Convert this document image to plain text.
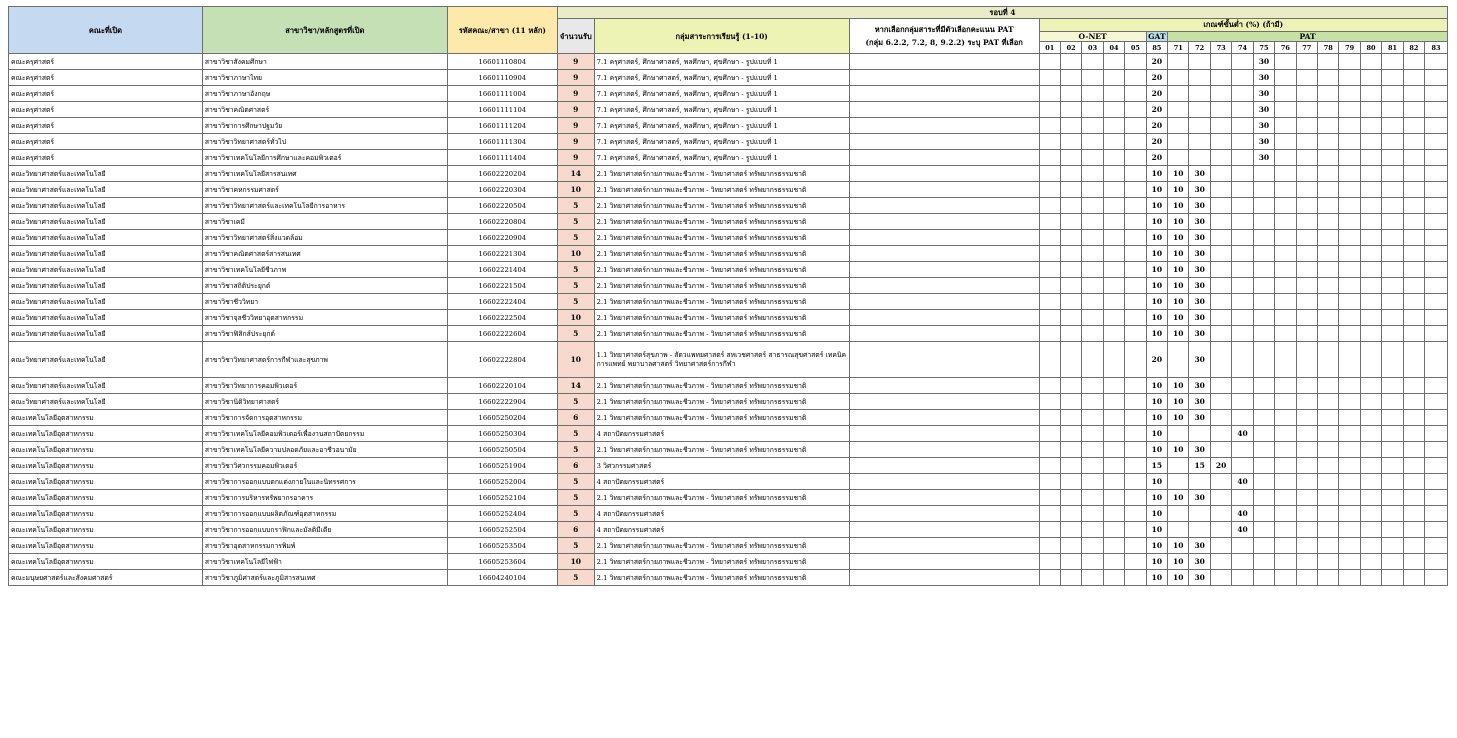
คณะที่เปิด	สาขาวิชา/หลักสูตรที่เปิด	รหัสคณะ/สาขา (11 หลัก)	รอบที่ 4																					
			จำนวนรับ	กลุ่มสาระการเรียนรู้ (1-10)	หากเลือกกลุ่มสาระที่มีตัวเลือกคะแนน PAT
(กลุ่ม 6.2.2, 7.2, 8, 9.2.2) ระบุ PAT ที่เลือก	เกณฑ์ขั้นต่ำ (%) (ถ้ามี)																		
						O-NET					GAT	PAT												
						01	02	03	04	05	85	71	72	73	74	75	76	77	78	79	80	81	82	83
คณะครุศาสตร์	สาขาวิชาสังคมศึกษา	16601110804	9	7.1 ครุศาสตร์, ศึกษาศาสตร์, พลศึกษา, ศุขศึกษา - รูปแบบที่ 1							20					30								
คณะครุศาสตร์	สาขาวิชาภาษาไทย	16601110904	9	7.1 ครุศาสตร์, ศึกษาศาสตร์, พลศึกษา, ศุขศึกษา - รูปแบบที่ 1							20					30								
คณะครุศาสตร์	สาขาวิชาภาษาอังกฤษ	16601111004	9	7.1 ครุศาสตร์, ศึกษาศาสตร์, พลศึกษา, ศุขศึกษา - รูปแบบที่ 1							20					30								
คณะครุศาสตร์	สาขาวิชาคณิตศาสตร์	16601111104	9	7.1 ครุศาสตร์, ศึกษาศาสตร์, พลศึกษา, ศุขศึกษา - รูปแบบที่ 1							20					30								
คณะครุศาสตร์	สาขาวิชาการศึกษาปฐมวัย	16601111204	9	7.1 ครุศาสตร์, ศึกษาศาสตร์, พลศึกษา, ศุขศึกษา - รูปแบบที่ 1							20					30								
คณะครุศาสตร์	สาขาวิชาวิทยาศาสตร์ทั่วไป	16601111304	9	7.1 ครุศาสตร์, ศึกษาศาสตร์, พลศึกษา, ศุขศึกษา - รูปแบบที่ 1							20					30								
คณะครุศาสตร์	สาขาวิชาเทคโนโลยีการศึกษาและคอมพิวเตอร์	16601111404	9	7.1 ครุศาสตร์, ศึกษาศาสตร์, พลศึกษา, ศุขศึกษา - รูปแบบที่ 1							20					30								
คณะวิทยาศาสตร์และเทคโนโลยี	สาขาวิชาเทคโนโลยีสารสนเทศ	16602220204	14	2.1 วิทยาศาสตร์กายภาพและชีวภาพ - วิทยาศาสตร์ ทรัพยากรธรรมชาติ							10	10	30											
คณะวิทยาศาสตร์และเทคโนโลยี	สาขาวิชาคหกรรมศาสตร์	16602220304	10	2.1 วิทยาศาสตร์กายภาพและชีวภาพ - วิทยาศาสตร์ ทรัพยากรธรรมชาติ							10	10	30											
คณะวิทยาศาสตร์และเทคโนโลยี	สาขาวิชาวิทยาศาสตร์และเทคโนโลยีการอาหาร	16602220504	5	2.1 วิทยาศาสตร์กายภาพและชีวภาพ - วิทยาศาสตร์ ทรัพยากรธรรมชาติ							10	10	30											
คณะวิทยาศาสตร์และเทคโนโลยี	สาขาวิชาเคมี	16602220804	5	2.1 วิทยาศาสตร์กายภาพและชีวภาพ - วิทยาศาสตร์ ทรัพยากรธรรมชาติ							10	10	30											
คณะวิทยาศาสตร์และเทคโนโลยี	สาขาวิชาวิทยาศาสตร์สิ่งแวดล้อม	16602220904	5	2.1 วิทยาศาสตร์กายภาพและชีวภาพ - วิทยาศาสตร์ ทรัพยากรธรรมชาติ							10	10	30											
คณะวิทยาศาสตร์และเทคโนโลยี	สาขาวิชาคณิตศาสตร์สารสนเทศ	16602221304	10	2.1 วิทยาศาสตร์กายภาพและชีวภาพ - วิทยาศาสตร์ ทรัพยากรธรรมชาติ							10	10	30											
คณะวิทยาศาสตร์และเทคโนโลยี	สาขาวิชาเทคโนโลยีชีวภาพ	16602221404	5	2.1 วิทยาศาสตร์กายภาพและชีวภาพ - วิทยาศาสตร์ ทรัพยากรธรรมชาติ							10	10	30											
คณะวิทยาศาสตร์และเทคโนโลยี	สาขาวิชาสถิติประยุกต์	16602221504	5	2.1 วิทยาศาสตร์กายภาพและชีวภาพ - วิทยาศาสตร์ ทรัพยากรธรรมชาติ							10	10	30											
คณะวิทยาศาสตร์และเทคโนโลยี	สาขาวิชาชีววิทยา	16602222404	5	2.1 วิทยาศาสตร์กายภาพและชีวภาพ - วิทยาศาสตร์ ทรัพยากรธรรมชาติ							10	10	30											
คณะวิทยาศาสตร์และเทคโนโลยี	สาขาวิชาจุลชีววิทยาอุตสาหกรรม	16602222504	10	2.1 วิทยาศาสตร์กายภาพและชีวภาพ - วิทยาศาสตร์ ทรัพยากรธรรมชาติ							10	10	30											
คณะวิทยาศาสตร์และเทคโนโลยี	สาขาวิชาฟิสิกส์ประยุกต์	16602222604	5	2.1 วิทยาศาสตร์กายภาพและชีวภาพ - วิทยาศาสตร์ ทรัพยากรธรรมชาติ							10	10	30											
คณะวิทยาศาสตร์และเทคโนโลยี	สาขาวิชาวิทยาศาสตร์การกีฬาและสุขภาพ	16602222804	10	1.1 วิทยาศาสตร์สุขภาพ - สัตวแพทยศาสตร์ สหเวชศาสตร์ สาธารณสุขศาสตร์ เทคนิคการแพทย์ พยาบาลศาสตร์ วิทยาศาสตร์การกีฬา							20		30											
คณะวิทยาศาสตร์และเทคโนโลยี	สาขาวิชาวิทยาการคอมพิวเตอร์	16602220104	14	2.1 วิทยาศาสตร์กายภาพและชีวภาพ - วิทยาศาสตร์ ทรัพยากรธรรมชาติ							10	10	30											
คณะวิทยาศาสตร์และเทคโนโลยี	สาขาวิชานิติวิทยาศาสตร์	16602222904	5	2.1 วิทยาศาสตร์กายภาพและชีวภาพ - วิทยาศาสตร์ ทรัพยากรธรรมชาติ							10	10	30											
คณะเทคโนโลยีอุตสาหกรรม	สาขาวิชาการจัดการอุตสาหกรรม	16605250204	6	2.1 วิทยาศาสตร์กายภาพและชีวภาพ - วิทยาศาสตร์ ทรัพยากรธรรมชาติ							10	10	30											
คณะเทคโนโลยีอุตสาหกรรม	สาขาวิชาเทคโนโลยีคอมพิวเตอร์เพื่องานสถาปัตยกรรม	16605250304	5	4 สถาปัตยกรรมศาสตร์							10				40									
คณะเทคโนโลยีอุตสาหกรรม	สาขาวิชาเทคโนโลยีความปลอดภัยและอาชีวอนามัย	16605250504	5	2.1 วิทยาศาสตร์กายภาพและชีวภาพ - วิทยาศาสตร์ ทรัพยากรธรรมชาติ							10	10	30											
คณะเทคโนโลยีอุตสาหกรรม	สาขาวิชาวิศวกรรมคอมพิวเตอร์	16605251904	6	3 วิศวกรรมศาสตร์							15		15	20										
คณะเทคโนโลยีอุตสาหกรรม	สาขาวิชาการออกแบบตกแต่งภายในและนิทรรศการ	16605252004	5	4 สถาปัตยกรรมศาสตร์							10				40									
คณะเทคโนโลยีอุตสาหกรรม	สาขาวิชาการบริหารทรัพยากรอาคาร	16605252104	5	2.1 วิทยาศาสตร์กายภาพและชีวภาพ - วิทยาศาสตร์ ทรัพยากรธรรมชาติ							10	10	30											
คณะเทคโนโลยีอุตสาหกรรม	สาขาวิชาการออกแบบผลิตภัณฑ์อุตสาหกรรม	16605252404	5	4 สถาปัตยกรรมศาสตร์							10				40									
คณะเทคโนโลยีอุตสาหกรรม	สาขาวิชาการออกแบบกราฟิกและมัลติมีเดีย	16605252504	6	4 สถาปัตยกรรมศาสตร์							10				40									
คณะเทคโนโลยีอุตสาหกรรม	สาขาวิชาอุตสาหกรรมการพิมพ์	16605253504	5	2.1 วิทยาศาสตร์กายภาพและชีวภาพ - วิทยาศาสตร์ ทรัพยากรธรรมชาติ							10	10	30											
คณะเทคโนโลยีอุตสาหกรรม	สาขาวิชาเทคโนโลยีไฟฟ้า	16605253604	10	2.1 วิทยาศาสตร์กายภาพและชีวภาพ - วิทยาศาสตร์ ทรัพยากรธรรมชาติ							10	10	30											
คณะมนุษยศาสตร์และสังคมศาสตร์	สาขาวิชาภูมิศาสตร์และภูมิสารสนเทศ	16604240104	5	2.1 วิทยาศาสตร์กายภาพและชีวภาพ - วิทยาศาสตร์ ทรัพยากรธรรมชาติ							10	10	30											
